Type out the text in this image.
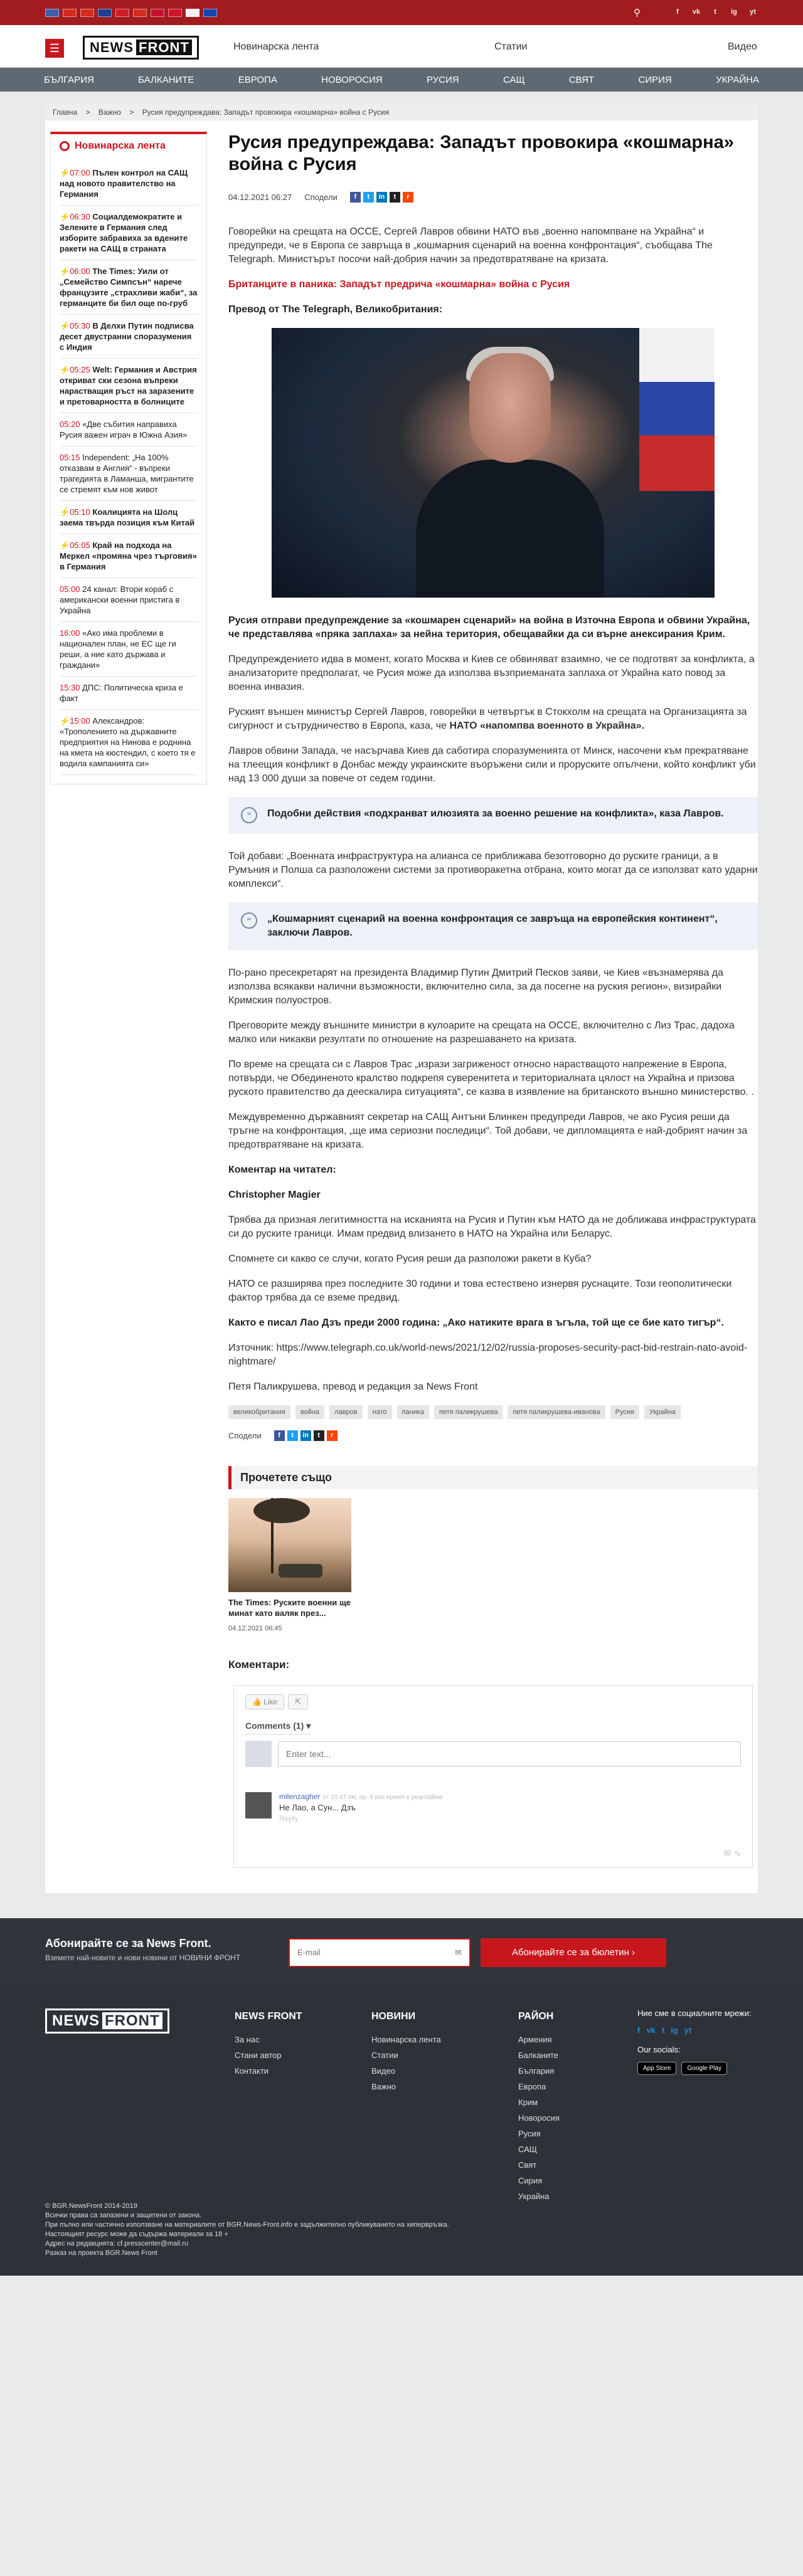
⚲	f	vk	t	ig yt
☰	NEWS FRONT	Новинарска лента	Статии	Видео
БЪЛГАРИЯ	БАЛКАНИТЕ	ЕВРОПА	НОВОРОСИЯ	РУСИЯ	САЩ	СВЯТ	СИРИЯ	УКРАЙНА
Главна > Важно > Русия предупреждава: Западът провокира «кошмарна» война с Русия
Новинарска лента
⚡07:00 Пълен контрол на САЩ над новото правителство на Германия
⚡06:30 Социалдемократите и Зелените в Германия след изборите забравиха за вдените ракети на САЩ в страната
⚡06:00 The Times: Уили от „Семейство Симпсън“ нарече французите „страхливи жаби“, за германците би бил още по-груб
⚡05:30 В Делхи Путин подписва десет двустранни споразумения с Индия
⚡05:25 Welt: Германия и Австрия откриват ски сезона въпреки нарастващия ръст на заразените и претоварността в болниците
05:20 «Две събития направиха Русия важен играч в Южна Азия»
05:15 Independent: „На 100% отказвам в Англия“ - въпреки трагедията в Ламанша, мигрантите се стремят към нов живот
⚡05:10 Коалицията на Шолц заема твърда позиция към Китай
⚡05:05 Край на подхода на Меркел «промяна чрез търговия» в Германия
05:00 24 канал: Втори кораб с американски военни пристига в Украйна
16:00 «Ако има проблеми в национален план, не ЕС ще ги реши, а ние като държава и граждани»
15:30 ДПС: Политическа криза е факт
⚡15:00 Александров: «Трополението на държавните предприятия на Нинова е роднина на кмета на кюстендил, с което тя е водила кампанията си»
Русия предупреждава: Западът провокира «кошмарна» война с Русия
04.12.2021 06:27 Сподели	f	t	in	t	r

Говорейки на срещата на ОССЕ, Сергей Лавров обвини НАТО във „военно напомпване на Украйна“ и предупреди, че в Европа се завръща в „кошмарния сценарий на военна конфронтация“, съобщава The Telegraph. Министърът посочи най-добрия начин за предотвратяване на кризата.

Британците в паника: Западът предрича «кошмарна» война с Русия

Превод от The Telegraph, Великобритания:

Русия отправи предупреждение за «кошмарен сценарий» на война в Източна Европа и обвини Украйна, че представлява «пряка заплаха» за нейна територия, обещавайки да си върне анексирания Крим.

Предупреждението идва в момент, когато Москва и Киев се обвиняват взаимно, че се подготвят за конфликта, а анализаторите предполагат, че Русия може да използва възприеманата заплаха от Украйна като повод за военна инвазия.

Руският външен министър Сергей Лавров, говорейки в четвъртък в Стокхолм на срещата на Организацията за сигурност и сътрудничество в Европа, каза, че НАТО «напомпва военното в Украйна».

Лавров обвини Запада, че насърчава Киев да саботира споразуменията от Минск, насочени към прекратяване на тлеещия конфликт в Донбас между украинските въоръжени сили и проруските опълчени, който конфликт уби над 13 000 души за повече от седем години.

“	Подобни действия «подхранват илюзията за военно решение на конфликта», каза Лавров.

Той добави: „Военната инфраструктура на алианса се приближава безотговорно до руските граници, а в Румъния и Полша са разположени системи за противоракетна отбрана, които могат да се използват като ударни комплекси“.

“	„Кошмарният сценарий на военна конфронтация се завръща на европейския континент“, заключи Лавров.

По-рано пресекретарят на президента Владимир Путин Дмитрий Песков заяви, че Киев «възнамерява да използва всякакви налични възможности, включително сила, за да посегне на руския регион», визирайки Кримския полуостров.

Преговорите между външните министри в кулоарите на срещата на ОССЕ, включително с Лиз Трас, дадоха малко или никакви резултати по отношение на разрешаването на кризата.

По време на срещата си с Лавров Трас „изрази загриженост относно нарастващото напрежение в Европа, потвърди, че Обединеното кралство подкрепя суверенитета и териториалната цялост на Украйна и призова руското правителство да деескалира ситуацията“, се казва в изявление на британското външно министерство. .

Междувременно държавният секретар на САЩ Антъни Блинкен предупреди Лавров, че ако Русия реши да тръгне на конфронтация, „ще има сериозни последици“. Той добави, че дипломацията е най-добрият начин за предотвратяване на кризата.

Коментар на читател:

Christopher Magier

Трябва да призная легитимността на исканията на Русия и Путин към НАТО да не доближава инфраструктурата си до руските граници. Имам предвид влизането в НАТО на Украйна или Беларус.

Спомнете си какво се случи, когато Русия реши да разположи ракети в Куба?

НАТО се разширява през последните 30 години и това естествено изнервя руснаците. Този геополитически фактор трябва да се вземе предвид.

Както е писал Лао Дзъ преди 2000 година: „Ако натиките врага в ъгъла, той ще се бие като тигър“.

Източник: https://www.telegraph.co.uk/world-news/2021/12/02/russia-proposes-security-pact-bid-restrain-nato-avoid-nightmare/

Петя Паликрушева, превод и редакция за News Front

великобритания	война	лавров	нато	паника	петя паликрушева	петя паликрушева-иванова	Русия	Украйна
Сподели	f	t	in	t	r
Прочетете също

The Times: Руските военни ще минат като валяк през...

04.12.2021 06:45
Коментари:
👍 Like	⇱
Comments (1) ▾
Enter text...
milenzagher от 10:47 пм, пр. 6 раз время в реалтайме
Не Лао, а Сун... Дзъ
Reply
✉ ∿
Абонирайте се за News Front.
Вземете най-новите и нови новини от НОВИНИ ФРОНТ
E-mail	✉	Абонирайте се за бюлетин ›
NEWS FRONT	NEWS FRONT
За нас
Стани автор
Контакти
НОВИНИ
Новинарска лента
Статии
Видео
Важно
РАЙОН
Армения
Балканите
България
Европа
Крим
Новоросия
Русия
САЩ
Свят
Сирия
Украйна

Ние сме в социалните мрежи:

f vk t ig yt

Our socials:

App Store	Google Play
© BGR.NewsFront 2014-2019
Всички права са запазени и защитени от закона.
При пълно или частично използване на материалите от BGR.News-Front.info е задължително публикуването на хипервръзка.
Настоящият ресурс може да съдържа материали за 18 +
Адрес на редакцията: cf.presscenter@mail.ru
Разказ на проекта BGR.News Front
